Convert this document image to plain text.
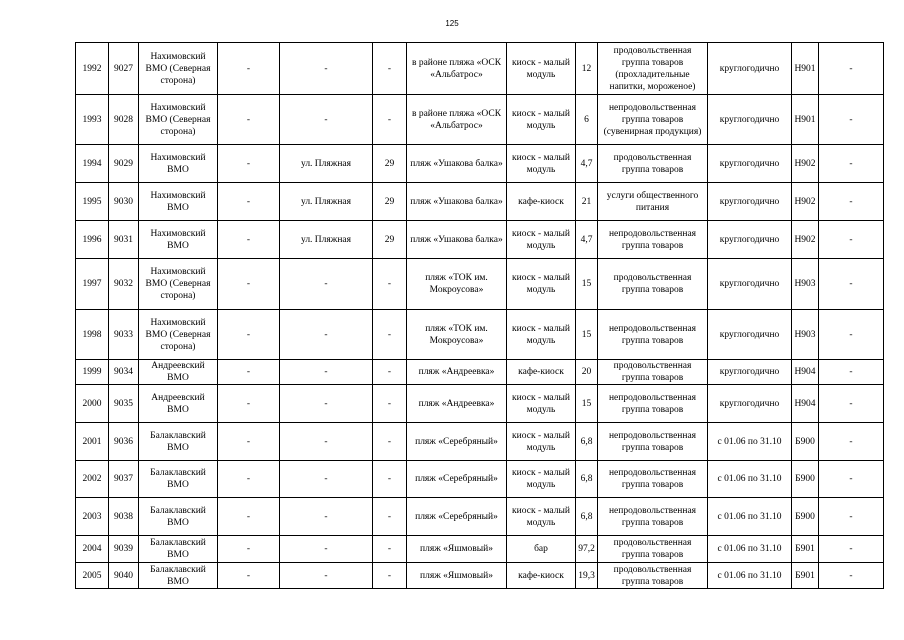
125
1992	9027	Нахимовский ВМО (Северная сторона)	-	-	-	в районе пляжа «ОСК «Альбатрос»	киоск - малый модуль	12	продовольственная группа товаров (прохладительные напитки, мороженое)	круглогодично	Н901	-
1993	9028	Нахимовский ВМО (Северная сторона)	-	-	-	в районе пляжа «ОСК «Альбатрос»	киоск - малый модуль	6	непродовольственная группа товаров (сувенирная продукция)	круглогодично	Н901	-
1994	9029	Нахимовский ВМО	-	ул. Пляжная	29	пляж «Ушакова балка»	киоск - малый модуль	4,7	продовольственная группа товаров	круглогодично	Н902	-
1995	9030	Нахимовский ВМО	-	ул. Пляжная	29	пляж «Ушакова балка»	кафе-киоск	21	услуги общественного питания	круглогодично	Н902	-
1996	9031	Нахимовский ВМО	-	ул. Пляжная	29	пляж «Ушакова балка»	киоск - малый модуль	4,7	непродовольственная группа товаров	круглогодично	Н902	-
1997	9032	Нахимовский ВМО (Северная сторона)	-	-	-	пляж «ТОК им. Мокроусова»	киоск - малый модуль	15	продовольственная группа товаров	круглогодично	Н903	-
1998	9033	Нахимовский ВМО (Северная сторона)	-	-	-	пляж «ТОК им. Мокроусова»	киоск - малый модуль	15	непродовольственная группа товаров	круглогодично	Н903	-
1999	9034	Андреевский ВМО	-	-	-	пляж «Андреевка»	кафе-киоск	20	продовольственная группа товаров	круглогодично	Н904	-
2000	9035	Андреевский ВМО	-	-	-	пляж «Андреевка»	киоск - малый модуль	15	непродовольственная группа товаров	круглогодично	Н904	-
2001	9036	Балаклавский ВМО	-	-	-	пляж «Серебряный»	киоск - малый модуль	6,8	непродовольственная группа товаров	с 01.06 по 31.10	Б900	-
2002	9037	Балаклавский ВМО	-	-	-	пляж «Серебряный»	киоск - малый модуль	6,8	непродовольственная группа товаров	с 01.06 по 31.10	Б900	-
2003	9038	Балаклавский ВМО	-	-	-	пляж «Серебряный»	киоск - малый модуль	6,8	непродовольственная группа товаров	с 01.06 по 31.10	Б900	-
2004	9039	Балаклавский ВМО	-	-	-	пляж «Яшмовый»	бар	97,2	продовольственная группа товаров	с 01.06 по 31.10	Б901	-
2005	9040	Балаклавский ВМО	-	-	-	пляж «Яшмовый»	кафе-киоск	19,3	продовольственная группа товаров	с 01.06 по 31.10	Б901	-
